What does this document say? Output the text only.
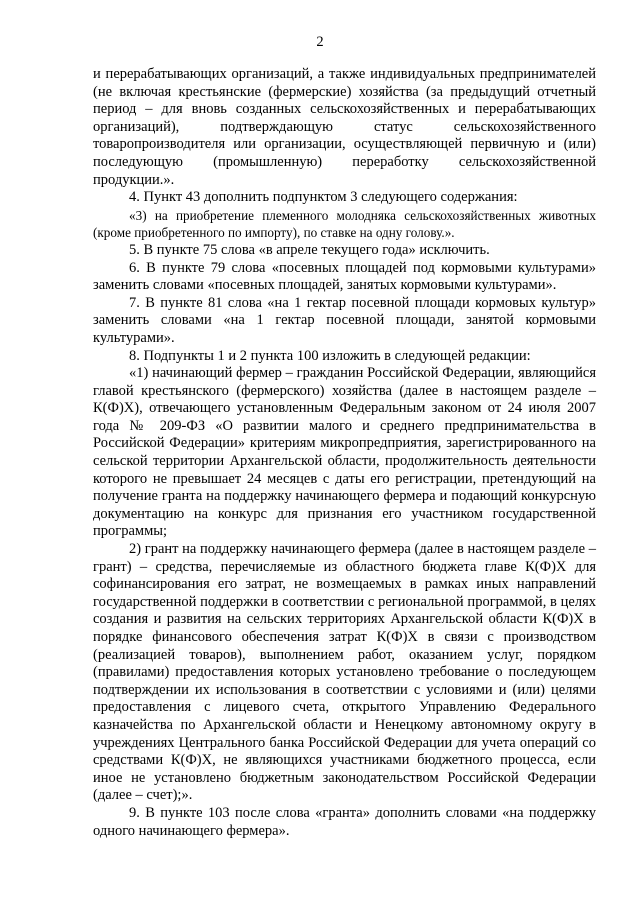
2

и перерабатывающих организаций, а также индивидуальных предпринимателей (не включая крестьянские (фермерские) хозяйства (за предыдущий отчетный период – для вновь созданных сельскохозяйственных и перерабатывающих организаций), подтверждающую статус сельскохозяйственного товаропроизводителя или организации, осуществляющей первичную и (или) последующую (промышленную) переработку сельскохозяйственной продукции.».

4. Пункт 43 дополнить подпунктом 3 следующего содержания:

«3) на приобретение племенного молодняка сельскохозяйственных животных (кроме приобретенного по импорту), по ставке на одну голову.».

5. В пункте 75 слова «в апреле текущего года» исключить.

6. В пункте 79 слова «посевных площадей под кормовыми культурами» заменить словами «посевных площадей, занятых кормовыми культурами».

7. В пункте 81 слова «на 1 гектар посевной площади кормовых культур» заменить словами «на 1 гектар посевной площади, занятой кормовыми культурами».

8. Подпункты 1 и 2 пункта 100 изложить в следующей редакции:

«1) начинающий фермер – гражданин Российской Федерации, являющийся главой крестьянского (фермерского) хозяйства (далее в настоящем разделе – К(Ф)Х), отвечающего установленным Федеральным законом от 24 июля 2007 года № 209-ФЗ «О развитии малого и среднего предпринимательства в Российской Федерации» критериям микропредприятия, зарегистрированного на сельской территории Архангельской области, продолжительность деятельности которого не превышает 24 месяцев с даты его регистрации, претендующий на получение гранта на поддержку начинающего фермера и подающий конкурсную документацию на конкурс для признания его участником государственной программы;

2) грант на поддержку начинающего фермера (далее в настоящем разделе – грант) – средства, перечисляемые из областного бюджета главе К(Ф)Х для софинансирования его затрат, не возмещаемых в рамках иных направлений государственной поддержки в соответствии с региональной программой, в целях создания и развития на сельских территориях Архангельской области К(Ф)Х в порядке финансового обеспечения затрат К(Ф)Х в связи с производством (реализацией товаров), выполнением работ, оказанием услуг, порядком (правилами) предоставления которых установлено требование о последующем подтверждении их использования в соответствии с условиями и (или) целями предоставления с лицевого счета, открытого Управлению Федерального казначейства по Архангельской области и Ненецкому автономному округу в учреждениях Центрального банка Российской Федерации для учета операций со средствами К(Ф)Х, не являющихся участниками бюджетного процесса, если иное не установлено бюджетным законодательством Российской Федерации (далее – счет);».

9. В пункте 103 после слова «гранта» дополнить словами «на поддержку одного начинающего фермера».
